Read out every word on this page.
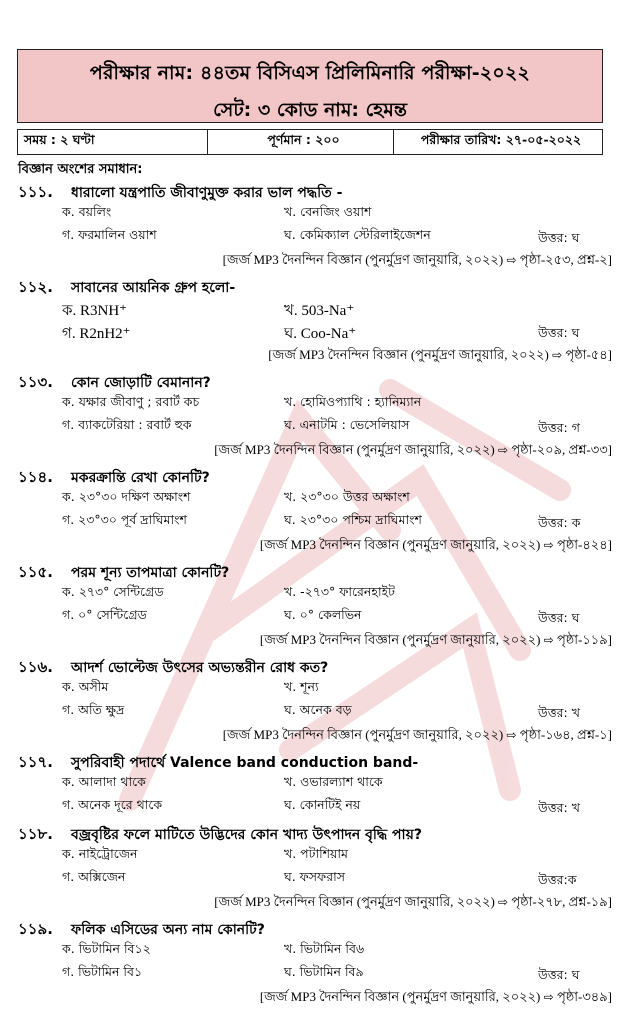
পরীক্ষার নাম: ৪৪তম বিসিএস প্রিলিমিনারি পরীক্ষা-২০২২
সেট: ৩ কোড নাম: হেমন্ত
সময় : ২ ঘণ্টা	পূর্ণমান : ২০০	পরীক্ষার তারিখ: ২৭-০৫-২০২২
বিজ্ঞান অংশের সমাধান:
১১১.	ধারালো যন্ত্রপাতি জীবাণুমুক্ত করার ভাল পদ্ধতি -
ক. বয়লিং	খ. বেনজিং ওয়াশ
গ. ফরমালিন ওয়াশ	ঘ. কেমিক্যাল স্টেরিলাইজেশন	উত্তর: ঘ
[জর্জ MP3 দৈনন্দিন বিজ্ঞান (পুনর্মুদ্রণ জানুয়ারি, ২০২২) ⇨ পৃষ্ঠা-২৫৩, প্রশ্ন-২]
১১২.	সাবানের আয়নিক গ্রুপ হলো-
ক. R3NH⁺	খ. 503-Na⁺
গ. R2nH2⁺	ঘ. Coo-Na⁺	উত্তর: ঘ
[জর্জ MP3 দৈনন্দিন বিজ্ঞান (পুনর্মুদ্রণ জানুয়ারি, ২০২২) ⇨ পৃষ্ঠা-৫৪]
১১৩.	কোন জোড়াটি বেমানান?
ক. যক্ষার জীবাণু ; রবার্ট কচ	খ. হোমিওপ্যাথি : হ্যানিম্যান
গ. ব্যাকটেরিয়া : রবার্ট হুক	ঘ. এনাটমি : ভেসেলিয়াস	উত্তর: গ
[জর্জ MP3 দৈনন্দিন বিজ্ঞান (পুনর্মুদ্রণ জানুয়ারি, ২০২২) ⇨ পৃষ্ঠা-২০৯, প্রশ্ন-৩৩]
১১৪.	মকরক্রান্তি রেখা কোনটি?
ক. ২৩°৩০ দক্ষিণ অক্ষাংশ	খ. ২৩°৩০ উত্তর অক্ষাংশ
গ. ২৩°৩০ পূর্ব দ্রাঘিমাংশ	ঘ. ২৩°৩০ পশ্চিম দ্রাঘিমাংশ	উত্তর: ক
[জর্জ MP3 দৈনন্দিন বিজ্ঞান (পুনর্মুদ্রণ জানুয়ারি, ২০২২) ⇨ পৃষ্ঠা-৪২৪]
১১৫.	পরম শূন্য তাপমাত্রা কোনটি?
ক. ২৭৩° সেন্টিগ্রেড	খ. -২৭৩° ফারেনহাইট
গ. ০° সেন্টিগ্রেড	ঘ. ০° কেলভিন	উত্তর: ঘ
[জর্জ MP3 দৈনন্দিন বিজ্ঞান (পুনর্মুদ্রণ জানুয়ারি, ২০২২) ⇨ পৃষ্ঠা-১১৯]
১১৬.	আদর্শ ভোল্টেজ উৎসের অভ্যন্তরীন রোধ কত?
ক. অসীম	খ. শূন্য
গ. অতি ক্ষুদ্র	ঘ. অনেক বড়	উত্তর: খ
[জর্জ MP3 দৈনন্দিন বিজ্ঞান (পুনর্মুদ্রণ জানুয়ারি, ২০২২) ⇨ পৃষ্ঠা-১৬৪, প্রশ্ন-১]
১১৭.	সুপরিবাহী পদার্থে Valence band conduction band-
ক. আলাদা থাকে	খ. ওভারল্যাশ থাকে
গ. অনেক দূরে থাকে	ঘ. কোনটিই নয়	উত্তর: খ
১১৮.	বজ্রবৃষ্টির ফলে মাটিতে উদ্ভিদের কোন খাদ্য উৎপাদন বৃদ্ধি পায়?
ক. নাইট্রোজেন	খ. পটাশিয়াম
গ. অক্সিজেন	ঘ. ফসফরাস	উত্তর:ক
[জর্জ MP3 দৈনন্দিন বিজ্ঞান (পুনর্মুদ্রণ জানুয়ারি, ২০২২) ⇨ পৃষ্ঠা-২৭৮, প্রশ্ন-১৯]
১১৯.	ফলিক এসিডের অন্য নাম কোনটি?
ক. ভিটামিন বি১২	খ. ভিটামিন বি৬
গ. ভিটামিন বি১	ঘ. ভিটামিন বি৯	উত্তর: ঘ
[জর্জ MP3 দৈনন্দিন বিজ্ঞান (পুনর্মুদ্রণ জানুয়ারি, ২০২২) ⇨ পৃষ্ঠা-৩৪৯]
